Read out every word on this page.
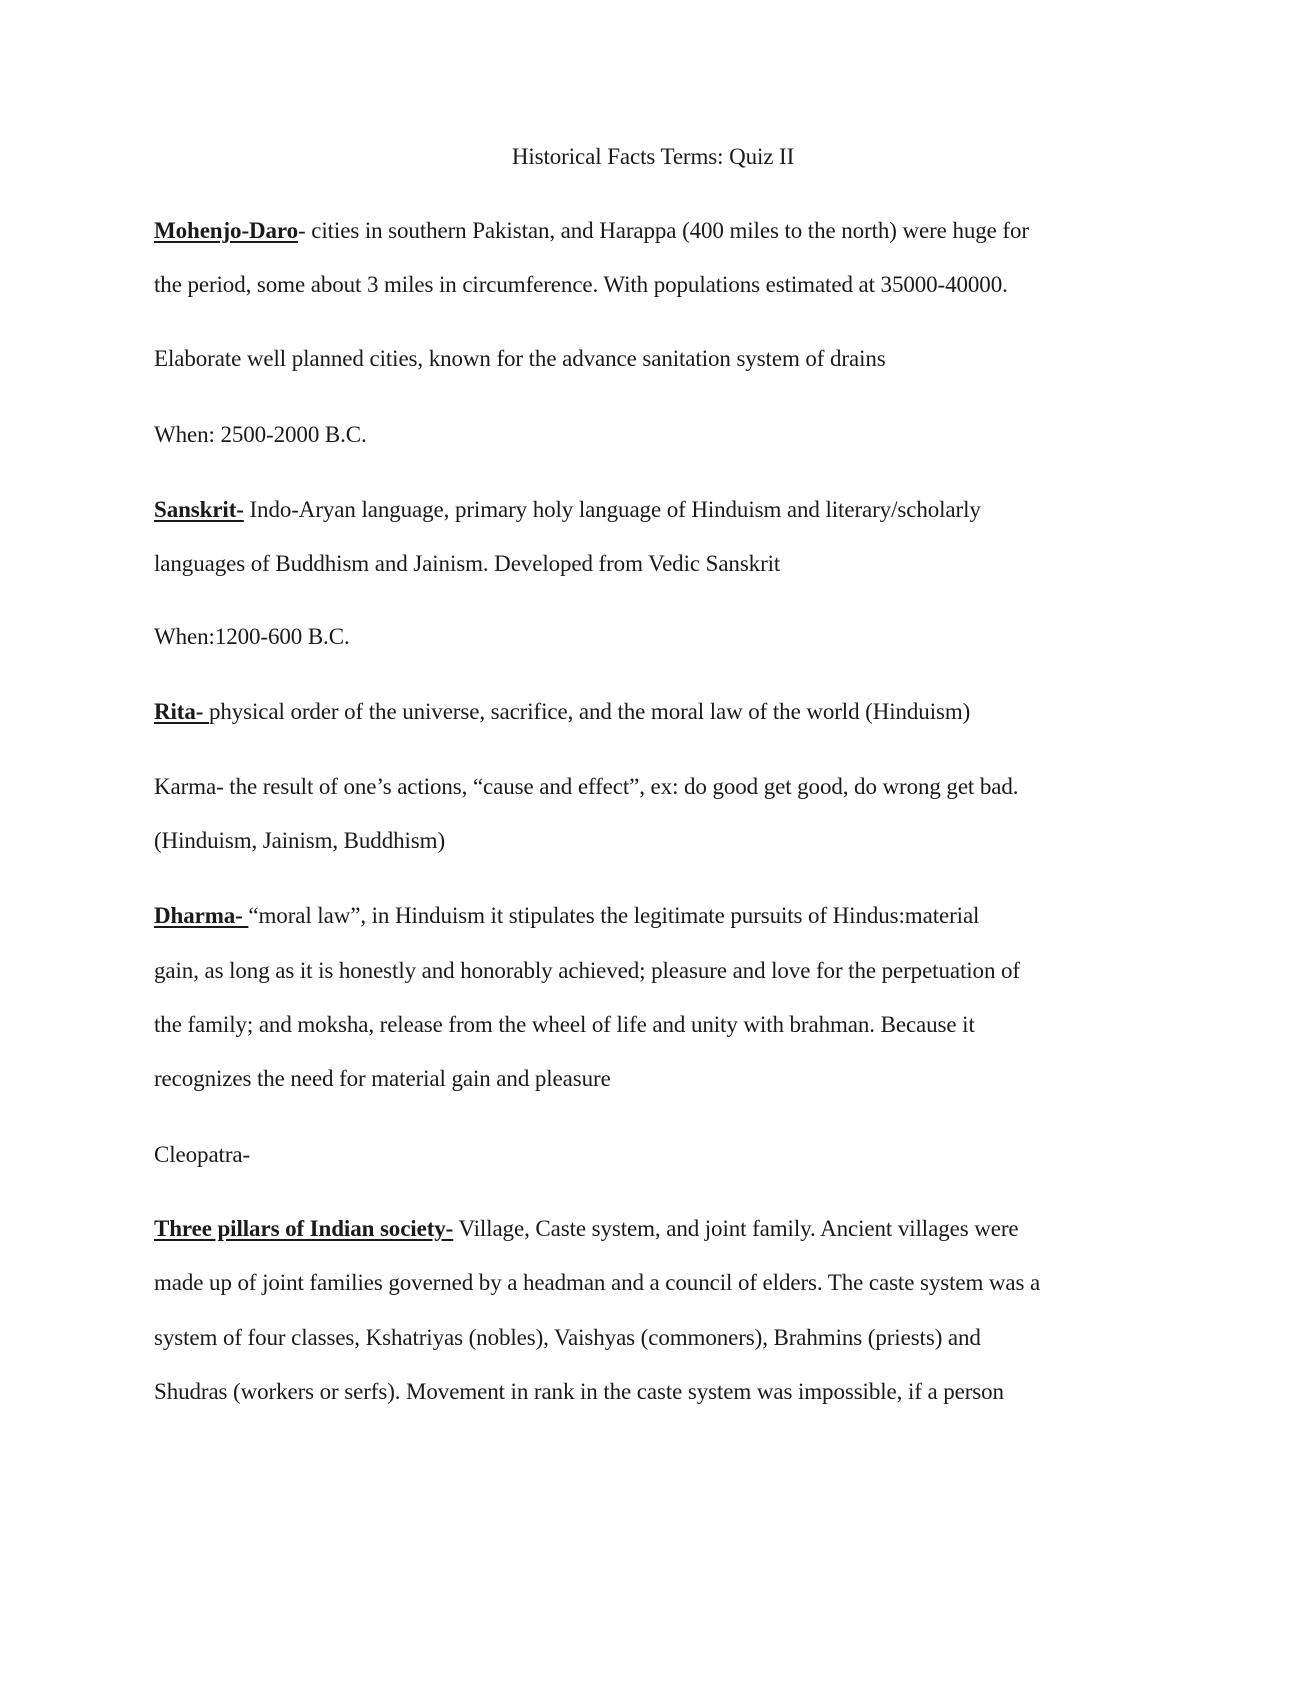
Historical Facts Terms: Quiz II
Mohenjo-Daro- cities in southern Pakistan, and Harappa (400 miles to the north) were huge for
the period, some about 3 miles in circumference. With populations estimated at 35000-40000.
Elaborate well planned cities, known for the advance sanitation system of drains
When: 2500-2000 B.C.
Sanskrit- Indo-Aryan language, primary holy language of Hinduism and literary/scholarly
languages of Buddhism and Jainism. Developed from Vedic Sanskrit
When:1200-600 B.C.
Rita- physical order of the universe, sacrifice, and the moral law of the world (Hinduism)
Karma- the result of one’s actions, “cause and effect”, ex: do good get good, do wrong get bad.
(Hinduism, Jainism, Buddhism)
Dharma- “moral law”, in Hinduism it stipulates the legitimate pursuits of Hindus:material
gain, as long as it is honestly and honorably achieved; pleasure and love for the perpetuation of
the family; and moksha, release from the wheel of life and unity with brahman. Because it
recognizes the need for material gain and pleasure
Cleopatra-
Three pillars of Indian society- Village, Caste system, and joint family. Ancient villages were
made up of joint families governed by a headman and a council of elders. The caste system was a
system of four classes, Kshatriyas (nobles), Vaishyas (commoners), Brahmins (priests) and
Shudras (workers or serfs). Movement in rank in the caste system was impossible, if a person
